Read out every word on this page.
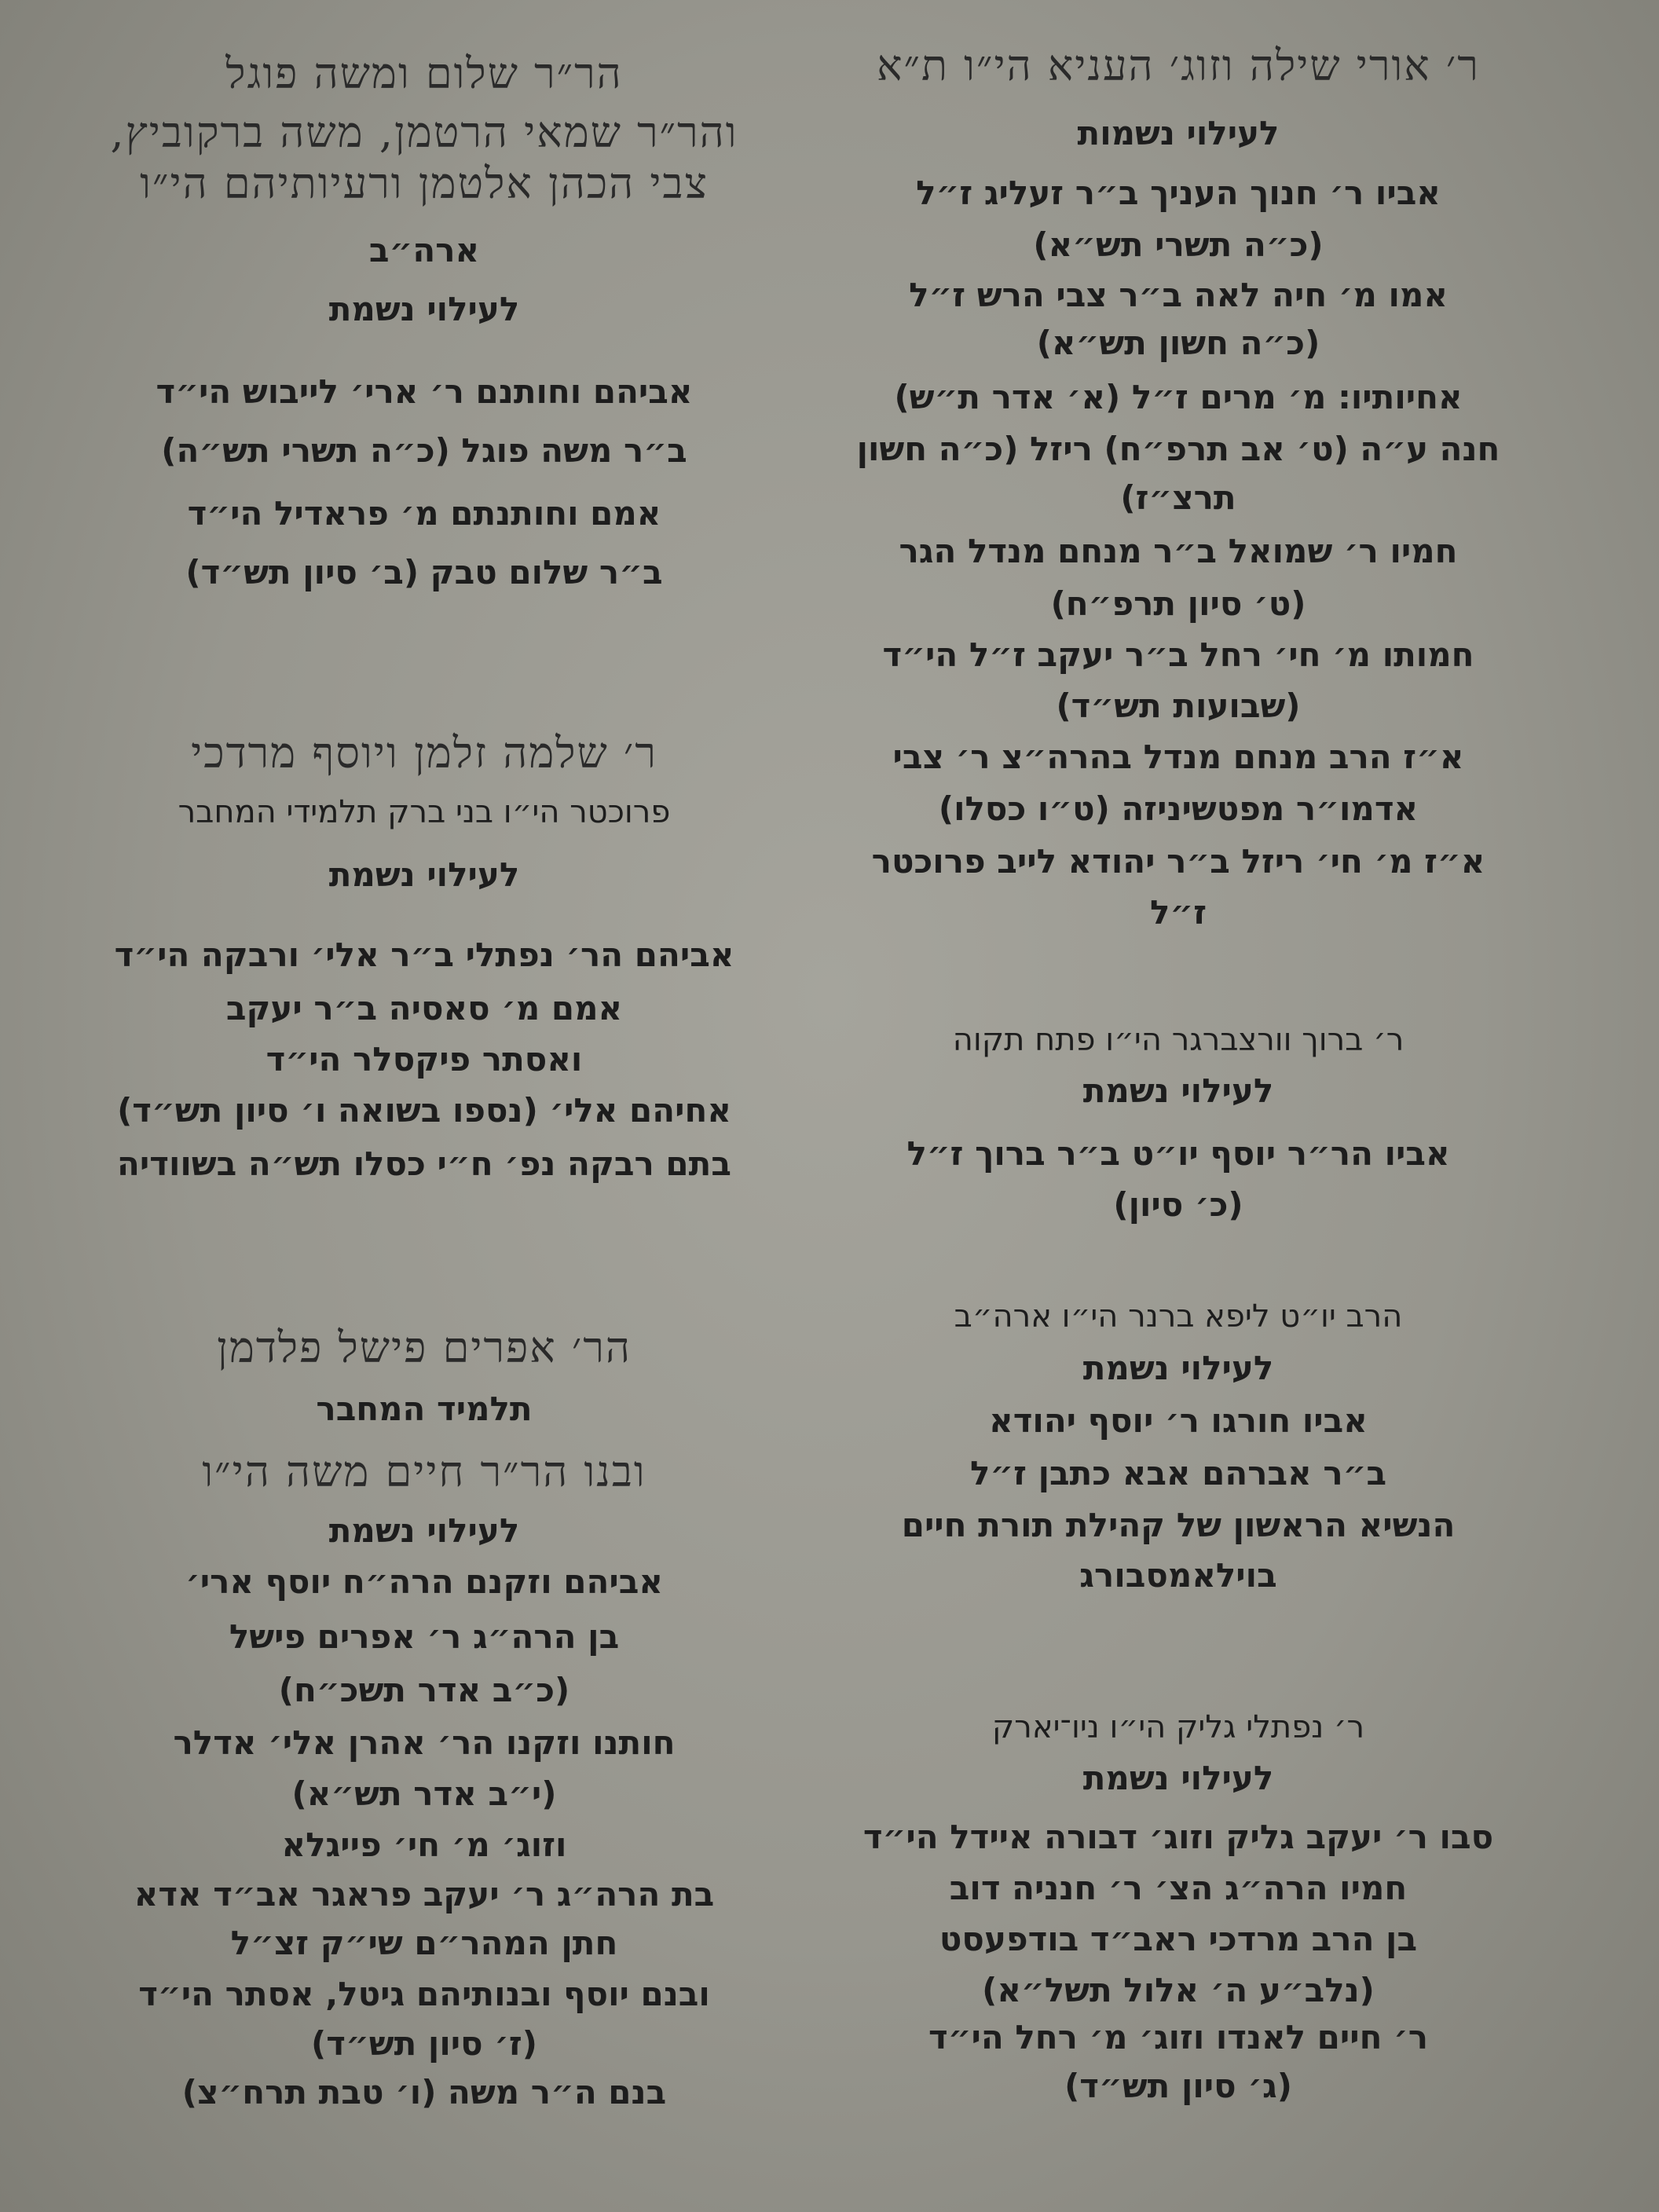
ר׳ אורי שילה וזוג׳ העניא הי״ו ת״א
לעילוי נשמות
אביו ר׳ חנוך העניך ב״ר זעליג ז״ל
(כ״ה תשרי תש״א)
אמו מ׳ חיה לאה ב״ר צבי הרש ז״ל
(כ״ה חשון תש״א)
אחיותיו: מ׳ מרים ז״ל (א׳ אדר ת״ש)
חנה ע״ה (ט׳ אב תרפ״ח) ריזל (כ״ה חשון
תרצ״ז)
חמיו ר׳ שמואל ב״ר מנחם מנדל הגר
(ט׳ סיון תרפ״ח)
חמותו מ׳ חי׳ רחל ב״ר יעקב ז״ל הי״ד
(שבועות תש״ד)
א״ז הרב מנחם מנדל בהרה״צ ר׳ צבי
אדמו״ר מפטשיניזה (ט״ו כסלו)
א״ז מ׳ חי׳ ריזל ב״ר יהודא לייב פרוכטר
ז״ל
ר׳ ברוך וורצברגר הי״ו פתח תקוה
לעילוי נשמת
אביו הר״ר יוסף יו״ט ב״ר ברוך ז״ל
(כ׳ סיון)
הרב יו״ט ליפא ברנר הי״ו ארה״ב
לעילוי נשמת
אביו חורגו ר׳ יוסף יהודא
ב״ר אברהם אבא כתבן ז״ל
הנשיא הראשון של קהילת תורת חיים
בוילאמסבורג
ר׳ נפתלי גליק הי״ו ניו־יארק
לעילוי נשמת
סבו ר׳ יעקב גליק וזוג׳ דבורה איידל הי״ד
חמיו הרה״ג הצ׳ ר׳ חנניה דוב
בן הרב מרדכי ראב״ד בודפעסט
(נלב״ע ה׳ אלול תשל״א)
ר׳ חיים לאנדו וזוג׳ מ׳ רחל הי״ד
(ג׳ סיון תש״ד)
הר״ר שלום ומשה פוגל
והר״ר שמאי הרטמן, משה ברקוביץ,
צבי הכהן אלטמן ורעיותיהם הי״ו
ארה״ב
לעילוי נשמת
אביהם וחותנם ר׳ ארי׳ לייבוש הי״ד
ב״ר משה פוגל (כ״ה תשרי תש״ה)
אמם וחותנתם מ׳ פראדיל הי״ד
ב״ר שלום טבק (ב׳ סיון תש״ד)
ר׳ שלמה זלמן ויוסף מרדכי
פרוכטר הי״ו בני ברק תלמידי המחבר
לעילוי נשמת
אביהם הר׳ נפתלי ב״ר אלי׳ ורבקה הי״ד
אמם מ׳ סאסיה ב״ר יעקב
ואסתר פיקסלר הי״ד
אחיהם אלי׳ (נספו בשואה ו׳ סיון תש״ד)
בתם רבקה נפ׳ ח״י כסלו תש״ה בשוודיה
הר׳ אפרים פישל פלדמן
תלמיד המחבר
ובנו הר״ר חיים משה הי״ו
לעילוי נשמת
אביהם וזקנם הרה״ח יוסף ארי׳
בן הרה״ג ר׳ אפרים פישל
(כ״ב אדר תשכ״ח)
חותנו וזקנו הר׳ אהרן אלי׳ אדלר
(י״ב אדר תש״א)
וזוג׳ מ׳ חי׳ פייגלא
בת הרה״ג ר׳ יעקב פראגר אב״ד אדא
חתן המהר״ם שי״ק זצ״ל
ובנם יוסף ובנותיהם גיטל, אסתר הי״ד
(ז׳ סיון תש״ד)
בנם ה״ר משה (ו׳ טבת תרח״צ)
